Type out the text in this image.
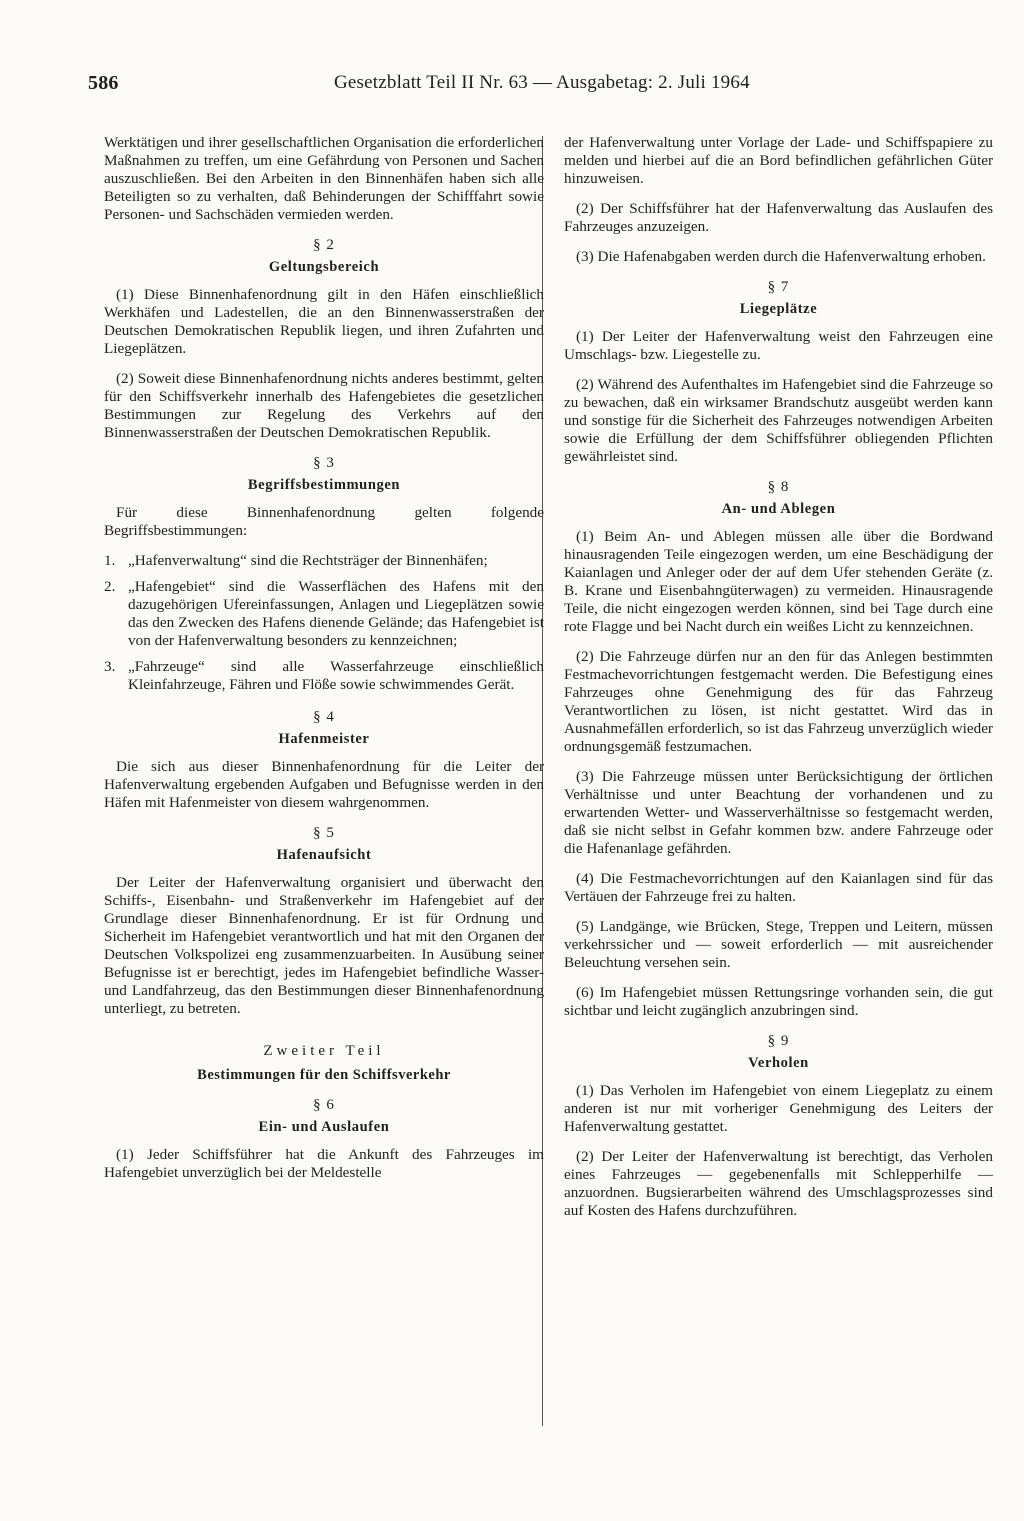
586	Gesetzblatt Teil II Nr. 63 — Ausgabetag: 2. Juli 1964

Werktätigen und ihrer gesellschaftlichen Organisation die erforderlichen Maßnahmen zu treffen, um eine Gefährdung von Personen und Sachen auszuschließen. Bei den Arbeiten in den Binnenhäfen haben sich alle Beteiligten so zu verhalten, daß Behinderungen der Schifffahrt sowie Personen- und Sachschäden vermieden werden.

§ 2
Geltungsbereich

(1) Diese Binnenhafenordnung gilt in den Häfen einschließlich Werkhäfen und Ladestellen, die an den Binnenwasserstraßen der Deutschen Demokratischen Republik liegen, und ihren Zufahrten und Liegeplätzen.

(2) Soweit diese Binnenhafenordnung nichts anderes bestimmt, gelten für den Schiffsverkehr innerhalb des Hafengebietes die gesetzlichen Bestimmungen zur Regelung des Verkehrs auf den Binnenwasserstraßen der Deutschen Demokratischen Republik.

§ 3
Begriffsbestimmungen

Für diese Binnenhafenordnung gelten folgende Begriffsbestimmungen:

1. „Hafenverwaltung“ sind die Rechtsträger der Binnenhäfen;
2. „Hafengebiet“ sind die Wasserflächen des Hafens mit den dazugehörigen Ufereinfassungen, Anlagen und Liegeplätzen sowie das den Zwecken des Hafens dienende Gelände; das Hafengebiet ist von der Hafenverwaltung besonders zu kennzeichnen;
3. „Fahrzeuge“ sind alle Wasserfahrzeuge einschließlich Kleinfahrzeuge, Fähren und Flöße sowie schwimmendes Gerät.
§ 4
Hafenmeister

Die sich aus dieser Binnenhafenordnung für die Leiter der Hafenverwaltung ergebenden Aufgaben und Befugnisse werden in den Häfen mit Hafenmeister von diesem wahrgenommen.

§ 5
Hafenaufsicht

Der Leiter der Hafenverwaltung organisiert und überwacht den Schiffs-, Eisenbahn- und Straßenverkehr im Hafengebiet auf der Grundlage dieser Binnenhafenordnung. Er ist für Ordnung und Sicherheit im Hafengebiet verantwortlich und hat mit den Organen der Deutschen Volkspolizei eng zusammenzuarbeiten. In Ausübung seiner Befugnisse ist er berechtigt, jedes im Hafengebiet befindliche Wasser- und Landfahrzeug, das den Bestimmungen dieser Binnenhafenordnung unterliegt, zu betreten.

Zweiter Teil
Bestimmungen für den Schiffsverkehr
§ 6
Ein- und Auslaufen

(1) Jeder Schiffsführer hat die Ankunft des Fahrzeuges im Hafengebiet unverzüglich bei der Meldestelle

der Hafenverwaltung unter Vorlage der Lade- und Schiffspapiere zu melden und hierbei auf die an Bord befindlichen gefährlichen Güter hinzuweisen.

(2) Der Schiffsführer hat der Hafenverwaltung das Auslaufen des Fahrzeuges anzuzeigen.

(3) Die Hafenabgaben werden durch die Hafenverwaltung erhoben.

§ 7
Liegeplätze

(1) Der Leiter der Hafenverwaltung weist den Fahrzeugen eine Umschlags- bzw. Liegestelle zu.

(2) Während des Aufenthaltes im Hafengebiet sind die Fahrzeuge so zu bewachen, daß ein wirksamer Brandschutz ausgeübt werden kann und sonstige für die Sicherheit des Fahrzeuges notwendigen Arbeiten sowie die Erfüllung der dem Schiffsführer obliegenden Pflichten gewährleistet sind.

§ 8
An- und Ablegen

(1) Beim An- und Ablegen müssen alle über die Bordwand hinausragenden Teile eingezogen werden, um eine Beschädigung der Kaianlagen und Anleger oder der auf dem Ufer stehenden Geräte (z. B. Krane und Eisenbahngüterwagen) zu vermeiden. Hinausragende Teile, die nicht eingezogen werden können, sind bei Tage durch eine rote Flagge und bei Nacht durch ein weißes Licht zu kennzeichnen.

(2) Die Fahrzeuge dürfen nur an den für das Anlegen bestimmten Festmachevorrichtungen festgemacht werden. Die Befestigung eines Fahrzeuges ohne Genehmigung des für das Fahrzeug Verantwortlichen zu lösen, ist nicht gestattet. Wird das in Ausnahmefällen erforderlich, so ist das Fahrzeug unverzüglich wieder ordnungsgemäß festzumachen.

(3) Die Fahrzeuge müssen unter Berücksichtigung der örtlichen Verhältnisse und unter Beachtung der vorhandenen und zu erwartenden Wetter- und Wasserverhältnisse so festgemacht werden, daß sie nicht selbst in Gefahr kommen bzw. andere Fahrzeuge oder die Hafenanlage gefährden.

(4) Die Festmachevorrichtungen auf den Kaianlagen sind für das Vertäuen der Fahrzeuge frei zu halten.

(5) Landgänge, wie Brücken, Stege, Treppen und Leitern, müssen verkehrssicher und — soweit erforderlich — mit ausreichender Beleuchtung versehen sein.

(6) Im Hafengebiet müssen Rettungsringe vorhanden sein, die gut sichtbar und leicht zugänglich anzubringen sind.

§ 9
Verholen

(1) Das Verholen im Hafengebiet von einem Liegeplatz zu einem anderen ist nur mit vorheriger Genehmigung des Leiters der Hafenverwaltung gestattet.

(2) Der Leiter der Hafenverwaltung ist berechtigt, das Verholen eines Fahrzeuges — gegebenenfalls mit Schlepperhilfe — anzuordnen. Bugsierarbeiten während des Umschlagsprozesses sind auf Kosten des Hafens durchzuführen.
